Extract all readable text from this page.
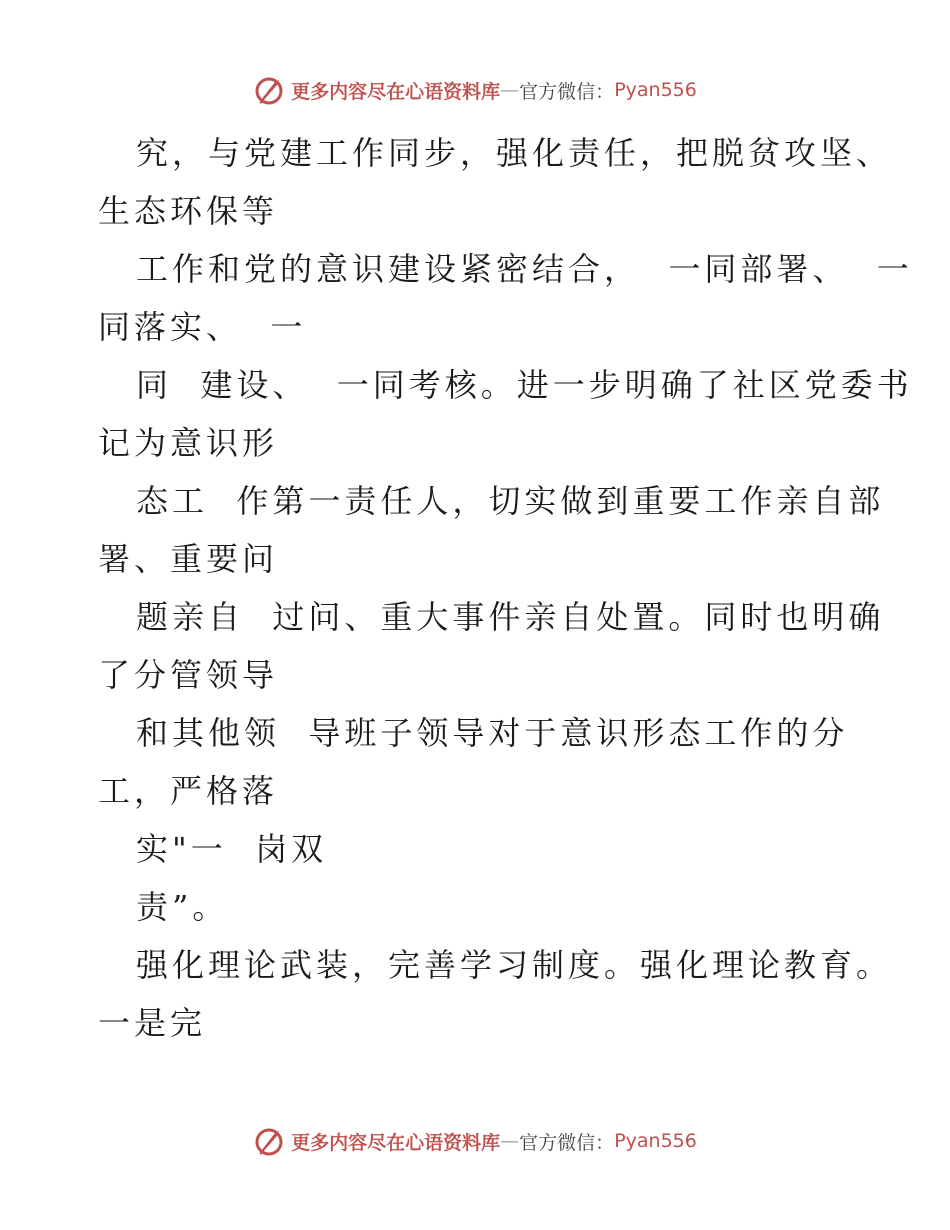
更多内容尽在心语资料库 — 官方微信： Pyan556
究，与党建工作同步，强化责任，把脱贫攻坚、
生态环保等
工作和党的意识建设紧密结合，  一同部署、  一
同落实、  一
同  建设、  一同考核。进一步明确了社区党委书
记为意识形
态工  作第一责任人，切实做到重要工作亲自部
署、重要问
题亲自  过问、重大事件亲自处置。同时也明确
了分管领导
和其他领  导班子领导对于意识形态工作的分
工，严格落
实"一  岗双
责”。
强化理论武装，完善学习制度。强化理论教育。
一是完
更多内容尽在心语资料库 — 官方微信： Pyan556
